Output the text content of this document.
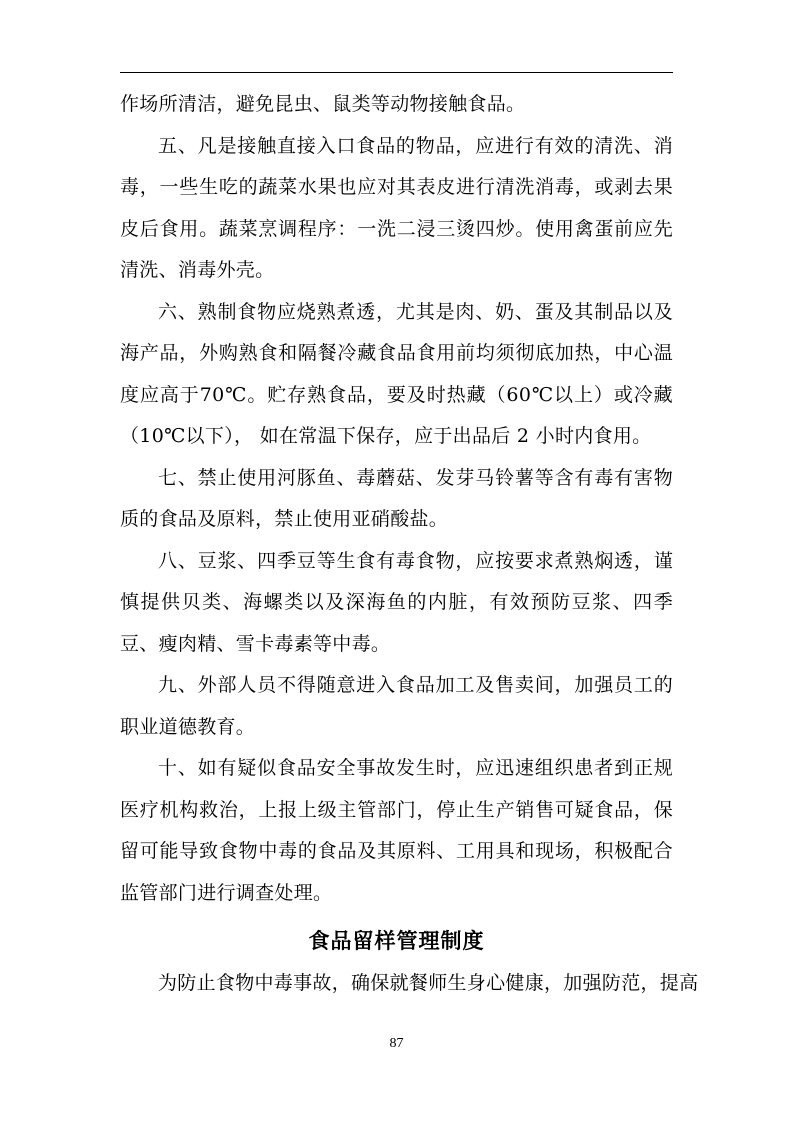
作场所清洁，避免昆虫、鼠类等动物接触食品。

五、凡是接触直接入口食品的物品，应进行有效的清洗、消毒，一些生吃的蔬菜水果也应对其表皮进行清洗消毒，或剥去果皮后食用。蔬菜烹调程序：一洗二浸三烫四炒。使用禽蛋前应先清洗、消毒外壳。

六、熟制食物应烧熟煮透，尤其是肉、奶、蛋及其制品以及海产品，外购熟食和隔餐冷藏食品食用前均须彻底加热，中心温度应高于70℃。贮存熟食品，要及时热藏（60℃以上）或冷藏（10℃以下）， 如在常温下保存，应于出品后 2 小时内食用。

七、禁止使用河豚鱼、毒蘑菇、发芽马铃薯等含有毒有害物质的食品及原料，禁止使用亚硝酸盐。

八、豆浆、四季豆等生食有毒食物，应按要求煮熟焖透，谨慎提供贝类、海螺类以及深海鱼的内脏，有效预防豆浆、四季豆、瘦肉精、雪卡毒素等中毒。

九、外部人员不得随意进入食品加工及售卖间，加强员工的职业道德教育。

十、如有疑似食品安全事故发生时，应迅速组织患者到正规医疗机构救治，上报上级主管部门，停止生产销售可疑食品，保留可能导致食物中毒的食品及其原料、工用具和现场，积极配合监管部门进行调查处理。

食品留样管理制度
为防止食物中毒事故，确保就餐师生身心健康，加强防范，提高
87
